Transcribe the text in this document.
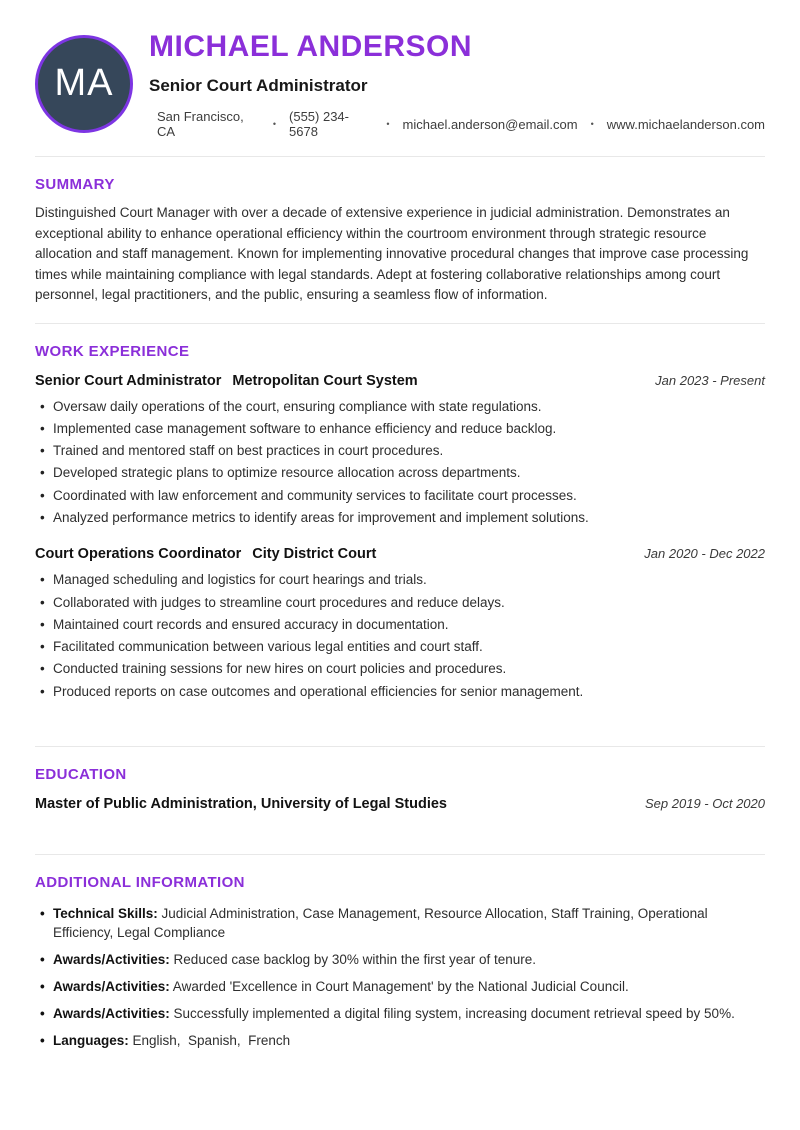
MA
MICHAEL ANDERSON
Senior Court Administrator
San Francisco, CA	• (555) 234-5678	• michael.anderson@email.com • www.michaelanderson.com
SUMMARY
Distinguished Court Manager with over a decade of extensive experience in judicial administration. Demonstrates an exceptional ability to enhance operational efficiency within the courtroom environment through strategic resource allocation and staff management. Known for implementing innovative procedural changes that improve case processing times while maintaining compliance with legal standards. Adept at fostering collaborative relationships among court personnel, legal practitioners, and the public, ensuring a seamless flow of information.
WORK EXPERIENCE
Senior Court Administrator Metropolitan Court System	Jan 2023 - Present
• Oversaw daily operations of the court, ensuring compliance with state regulations.
• Implemented case management software to enhance efficiency and reduce backlog.
• Trained and mentored staff on best practices in court procedures.
• Developed strategic plans to optimize resource allocation across departments.
• Coordinated with law enforcement and community services to facilitate court processes.
• Analyzed performance metrics to identify areas for improvement and implement solutions.
Court Operations Coordinator City District Court	Jan 2020 - Dec 2022
• Managed scheduling and logistics for court hearings and trials.
• Collaborated with judges to streamline court procedures and reduce delays.
• Maintained court records and ensured accuracy in documentation.
• Facilitated communication between various legal entities and court staff.
• Conducted training sessions for new hires on court policies and procedures.
• Produced reports on case outcomes and operational efficiencies for senior management.
EDUCATION
Master of Public Administration, University of Legal Studies	Sep 2019 - Oct 2020
ADDITIONAL INFORMATION
• Technical Skills: Judicial Administration, Case Management, Resource Allocation, Staff Training, Operational Efficiency, Legal Compliance
• Awards/Activities: Reduced case backlog by 30% within the first year of tenure.
• Awards/Activities: Awarded 'Excellence in Court Management' by the National Judicial Council.
• Awards/Activities: Successfully implemented a digital filing system, increasing document retrieval speed by 50%.
• Languages: English,  Spanish,  French
